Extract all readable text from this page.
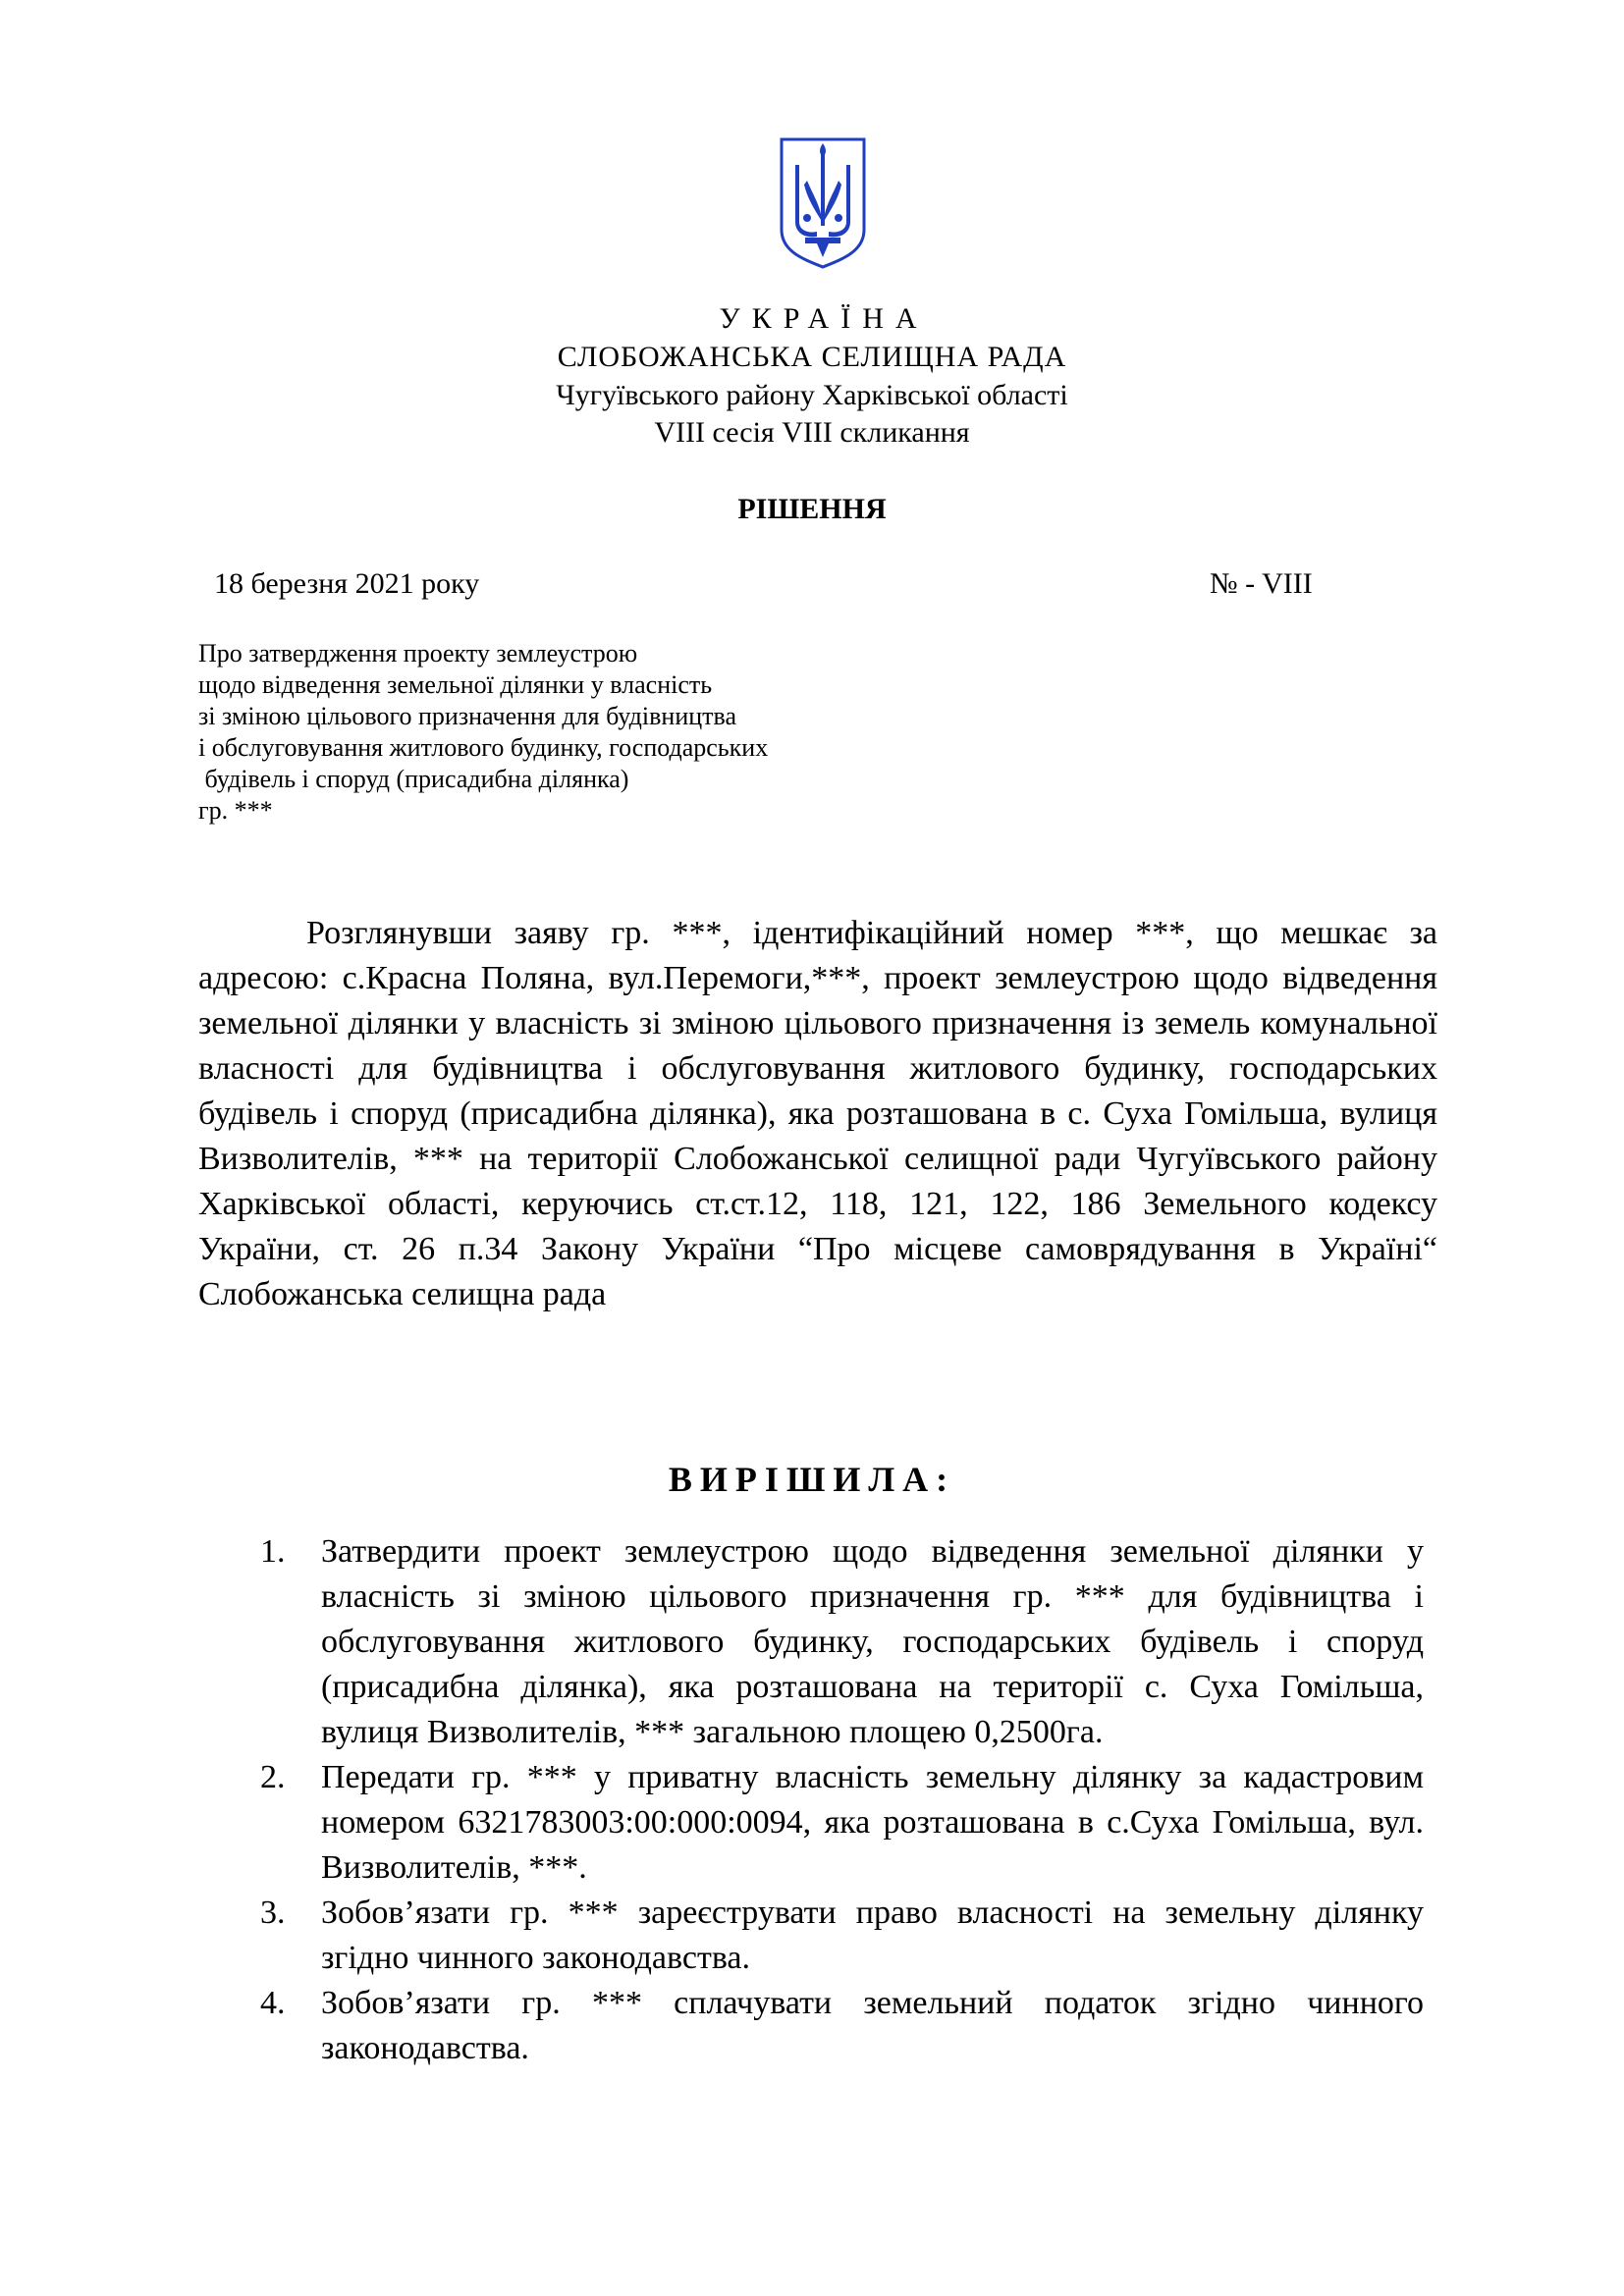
УКРАЇНА
СЛОБОЖАНСЬКА СЕЛИЩНА РАДА
Чугуївського району Харківської області
VIII сесія VIII скликання
РІШЕННЯ
18 березня 2021 року	№ - VIII
Про затвердження проекту землеустрою
щодо відведення земельної ділянки у власність
зі зміною цільового призначення для будівництва
і обслуговування житлового будинку, господарських
будівель і споруд (присадибна ділянка)
гр. ***
Розглянувши заяву гр. ***, ідентифікаційний номер ***, що мешкає за адресою: с.Красна Поляна, вул.Перемоги,***, проект землеустрою щодо відведення земельної ділянки у власність зі зміною цільового призначення із земель комунальної власності для будівництва і обслуговування житлового будинку, господарських будівель і споруд (присадибна ділянка), яка розташована в с. Суха Гомільша, вулиця Визволителів, *** на території Слобожанської селищної ради Чугуївського району Харківської області, керуючись ст.ст.12, 118, 121, 122, 186 Земельного кодексу України, ст. 26 п.34 Закону України “Про місцеве самоврядування в Україні“ Слобожанська селищна рада
ВИРІШИЛА:
1. Затвердити проект землеустрою щодо відведення земельної ділянки у власність зі зміною цільового призначення гр. *** для будівництва і обслуговування житлового будинку, господарських будівель і споруд (присадибна ділянка), яка розташована на території с. Суха Гомільша, вулиця Визволителів, *** загальною площею 0,2500га.
2. Передати гр. *** у приватну власність земельну ділянку за кадастровим номером 6321783003:00:000:0094, яка розташована в с.Суха Гомільша, вул. Визволителів, ***.
3. Зобов’язати гр. *** зареєструвати право власності на земельну ділянку згідно чинного законодавства.
4. Зобов’язати гр. *** сплачувати земельний податок згідно чинного законодавства.
